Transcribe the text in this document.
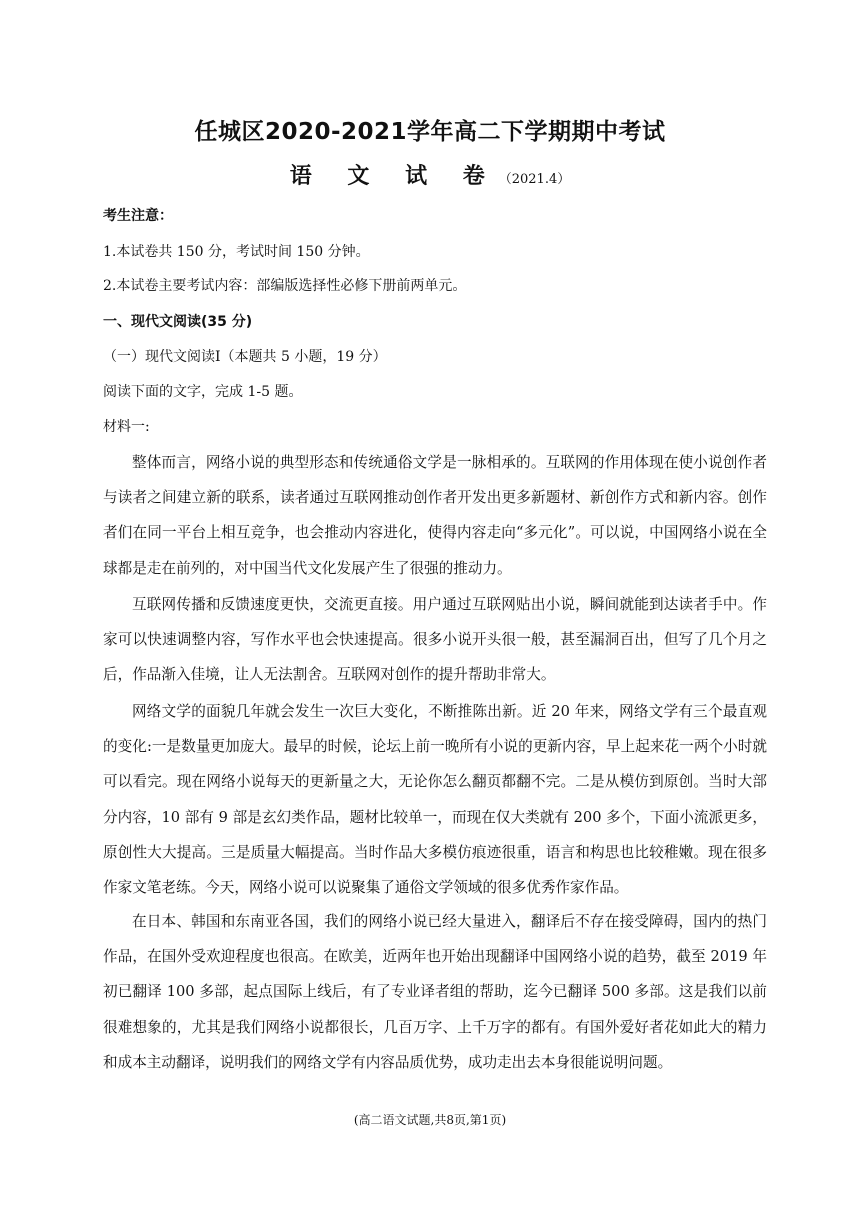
任城区2020-2021学年高二下学期期中考试
语 文 试 卷（2021.4）
考生注意：
1.本试卷共 150 分，考试时间 150 分钟。
2.本试卷主要考试内容：部编版选择性必修下册前两单元。
一、现代文阅读(35 分)
（一）现代文阅读Ⅰ（本题共 5 小题，19 分）
阅读下面的文字，完成 1-5 题。
材料一:

整体而言，网络小说的典型形态和传统通俗文学是一脉相承的。互联网的作用体现在使小说创作者与读者之间建立新的联系，读者通过互联网推动创作者开发出更多新题材、新创作方式和新内容。创作者们在同一平台上相互竞争，也会推动内容进化，使得内容走向“多元化”。可以说，中国网络小说在全球都是走在前列的，对中国当代文化发展产生了很强的推动力。

互联网传播和反馈速度更快，交流更直接。用户通过互联网贴出小说，瞬间就能到达读者手中。作家可以快速调整内容，写作水平也会快速提高。很多小说开头很一般，甚至漏洞百出，但写了几个月之后，作品渐入佳境，让人无法割舍。互联网对创作的提升帮助非常大。

网络文学的面貌几年就会发生一次巨大变化，不断推陈出新。近 20 年来，网络文学有三个最直观的变化:一是数量更加庞大。最早的时候，论坛上前一晚所有小说的更新内容，早上起来花一两个小时就可以看完。现在网络小说每天的更新量之大，无论你怎么翻页都翻不完。二是从模仿到原创。当时大部分内容，10 部有 9 部是玄幻类作品，题材比较单一，而现在仅大类就有 200 多个，下面小流派更多，原创性大大提高。三是质量大幅提高。当时作品大多模仿痕迹很重，语言和构思也比较稚嫩。现在很多作家文笔老练。今天，网络小说可以说聚集了通俗文学领域的很多优秀作家作品。

在日本、韩国和东南亚各国，我们的网络小说已经大量进入，翻译后不存在接受障碍，国内的热门作品，在国外受欢迎程度也很高。在欧美，近两年也开始出现翻译中国网络小说的趋势，截至 2019 年初已翻译 100 多部，起点国际上线后，有了专业译者组的帮助，迄今已翻译 500 多部。这是我们以前很难想象的，尤其是我们网络小说都很长，几百万字、上千万字的都有。有国外爱好者花如此大的精力和成本主动翻译，说明我们的网络文学有内容品质优势，成功走出去本身很能说明问题。

(高二语文试题,共8页,第1页)
